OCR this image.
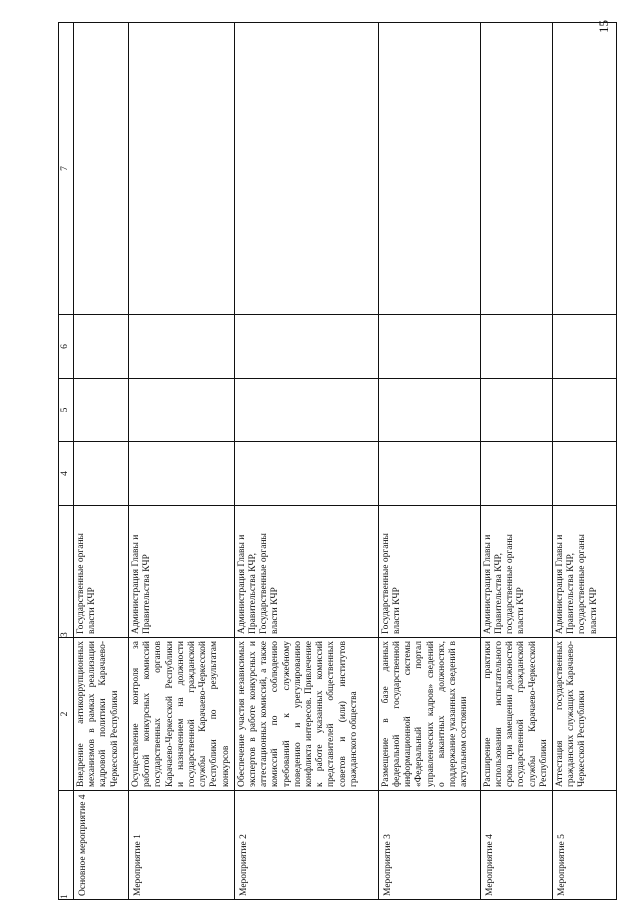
15
1	2	3	4	5	6	7
Основное мероприятие 4	Внедрение антикоррупционных механизмов в рамках реализации кадровой политики Карачаево-Черкесской Республики	Государственные органы власти КЧР				
Мероприятие 1	Осуществление контроля за работой конкурсных комиссий государственных органов Карачаево-Черкесской Республики и назначением на должности государственной гражданской службы Карачаево-Черкесской Республики по результатам конкурсов	Администрация Главы и Правительства КЧР				
Мероприятие 2	Обеспечение участия независимых экспертов в работе конкурсных и аттестационных комиссий, а также комиссий по соблюдению требований к служебному поведению и урегулированию конфликта интересов. Привлечение к работе указанных комиссий представителей общественных советов и (или) институтов гражданского общества	Администрация Главы и Правительства КЧР, Государственные органы власти КЧР				
Мероприятие 3	Размещение в базе данных федеральной государственной информационной системы «Федеральный портал управленческих кадров» сведений о вакантных должностях, поддержание указанных сведений в актуальном состоянии	Государственные органы власти КЧР				
Мероприятие 4	Расширение практики использования испытательного срока при замещении должностей государственной гражданской службы Карачаево-Черкесской Республики	Администрация Главы и Правительства КЧР, государственные органы власти КЧР				
Мероприятие 5	Аттестация государственных гражданских служащих Карачаево-Черкесской Республики	Администрация Главы и Правительства КЧР, государственные органы власти КЧР				
